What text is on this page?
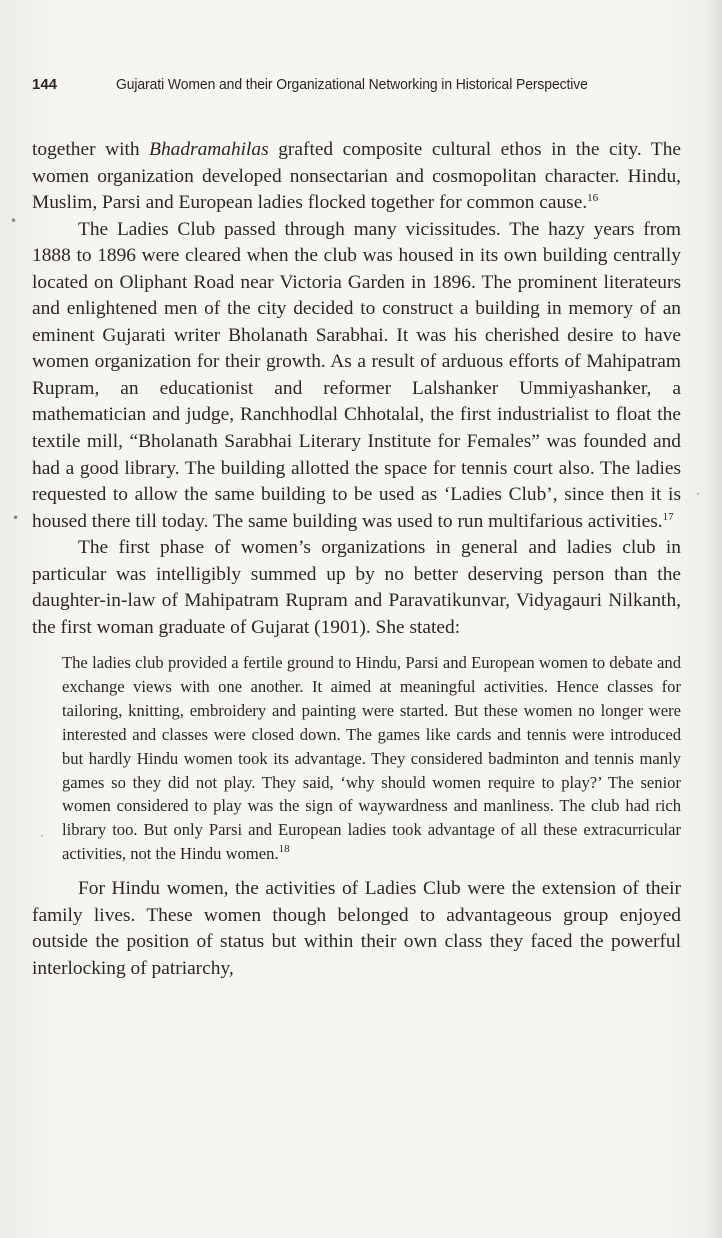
144	Gujarati Women and their Organizational Networking in Historical Perspective

together with Bhadramahilas grafted composite cultural ethos in the city. The women organization developed nonsectarian and cosmopolitan character. Hindu, Muslim, Parsi and European ladies flocked together for common cause.$^{16}$

The Ladies Club passed through many vicissitudes. The hazy years from 1888 to 1896 were cleared when the club was housed in its own building centrally located on Oliphant Road near Victoria Garden in 1896. The prominent literateurs and enlightened men of the city decided to construct a building in memory of an eminent Gujarati writer Bholanath Sarabhai. It was his cherished desire to have women organization for their growth. As a result of arduous efforts of Mahipatram Rupram, an educationist and reformer Lalshanker Ummiyashanker, a mathematician and judge, Ranchhodlal Chhotalal, the first industrialist to float the textile mill, “Bholanath Sarabhai Literary Institute for Females” was founded and had a good library. The building allotted the space for tennis court also. The ladies requested to allow the same building to be used as ‘Ladies Club’, since then it is housed there till today. The same building was used to run multifarious activities.$^{17}$

The first phase of women’s organizations in general and ladies club in particular was intelligibly summed up by no better deserving person than the daughter-in-law of Mahipatram Rupram and Paravatikunvar, Vidyagauri Nilkanth, the first woman graduate of Gujarat (1901). She stated:

The ladies club provided a fertile ground to Hindu, Parsi and European women to debate and exchange views with one another. It aimed at meaningful activities. Hence classes for tailoring, knitting, embroidery and painting were started. But these women no longer were interested and classes were closed down. The games like cards and tennis were introduced but hardly Hindu women took its advantage. They considered badminton and tennis manly games so they did not play. They said, ‘why should women require to play?’ The senior women considered to play was the sign of waywardness and manliness. The club had rich library too. But only Parsi and European ladies took advantage of all these extracurricular activities, not the Hindu women.$^{18}$

For Hindu women, the activities of Ladies Club were the extension of their family lives. These women though belonged to advantageous group enjoyed outside the position of status but within their own class they faced the powerful interlocking of patriarchy,

•
•
·
·
